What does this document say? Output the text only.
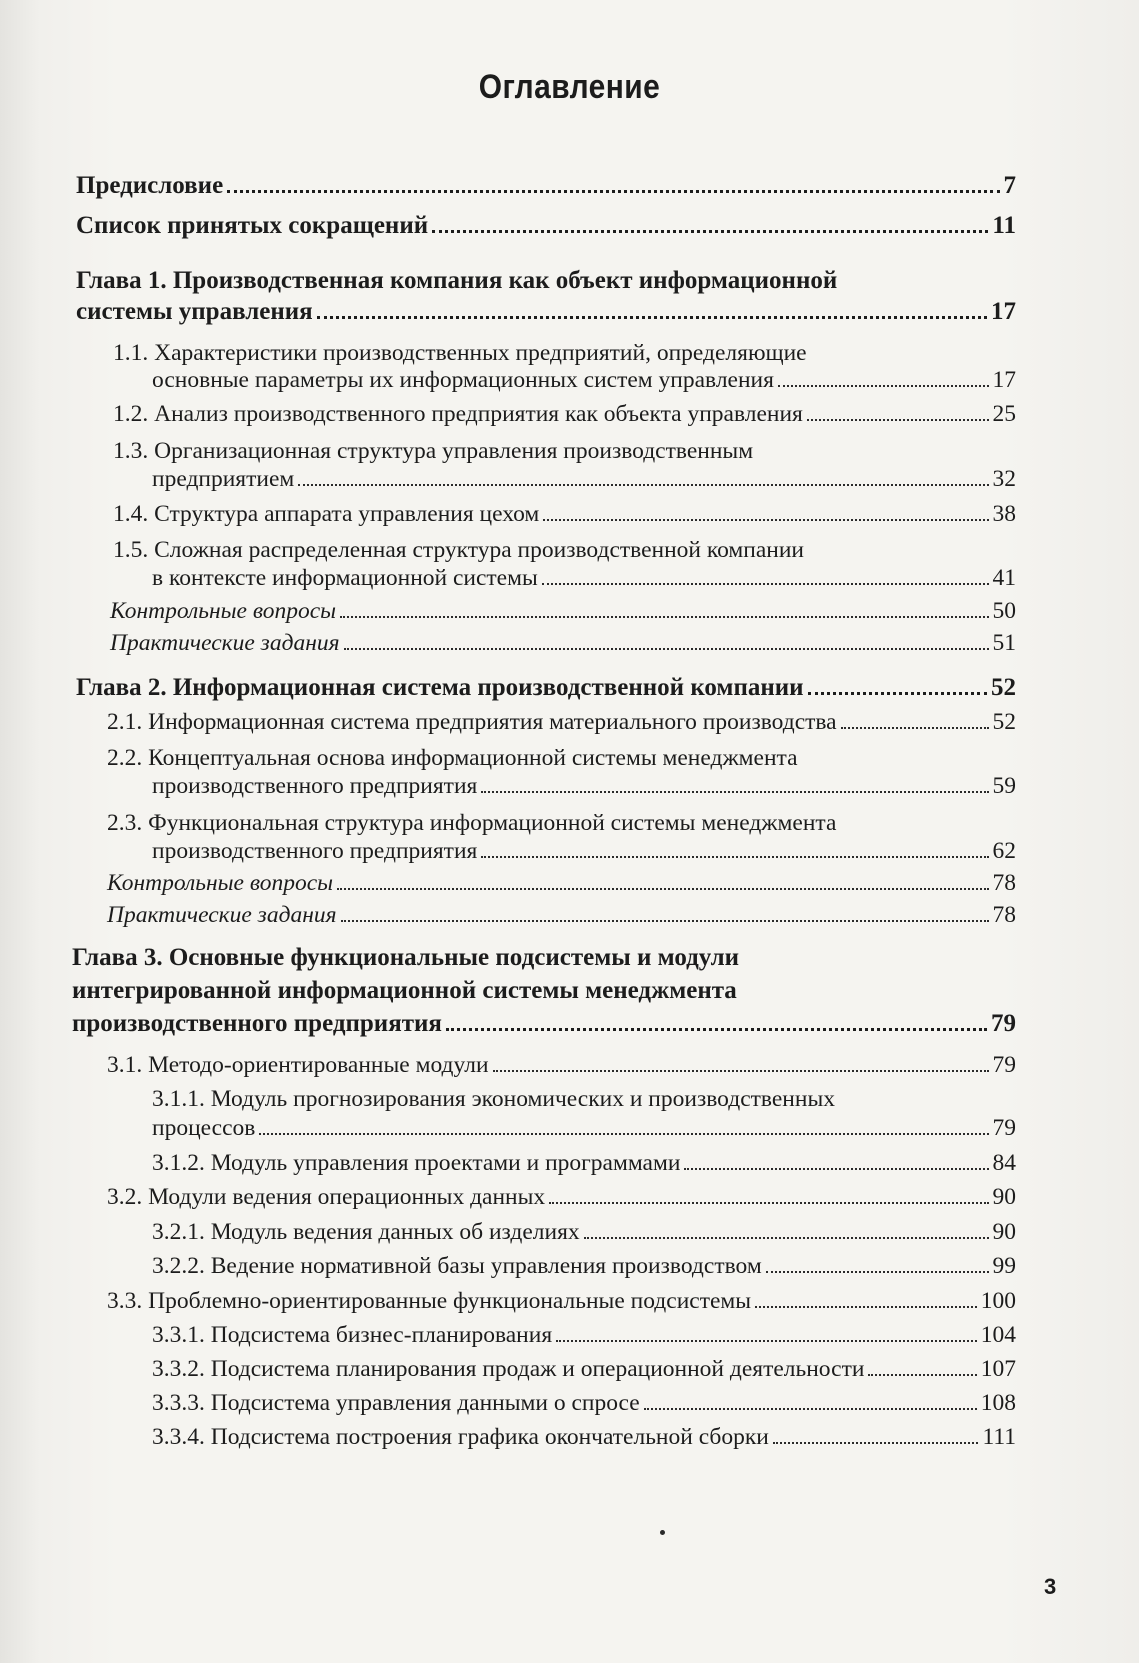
Оглавление
Предисловие	7
Список принятых сокращений	11
Глава 1. Производственная компания как объект информационной
системы управления	17
1.1. Характеристики производственных предприятий, определяющие
основные параметры их информационных систем управления	17
1.2. Анализ производственного предприятия как объекта управления	25
1.3. Организационная структура управления производственным
предприятием	32
1.4. Структура аппарата управления цехом	38
1.5. Сложная распределенная структура производственной компании
в контексте информационной системы	41
Контрольные вопросы	50
Практические задания	51
Глава 2. Информационная система производственной компании	52
2.1. Информационная система предприятия материального производства	52
2.2. Концептуальная основа информационной системы менеджмента
производственного предприятия	59
2.3. Функциональная структура информационной системы менеджмента
производственного предприятия	62
Контрольные вопросы	78
Практические задания	78
Глава 3. Основные функциональные подсистемы и модули
интегрированной информационной системы менеджмента
производственного предприятия	79
3.1. Методо-ориентированные модули	79
3.1.1. Модуль прогнозирования экономических и производственных
процессов	79
3.1.2. Модуль управления проектами и программами	84
3.2. Модули ведения операционных данных	90
3.2.1. Модуль ведения данных об изделиях	90
3.2.2. Ведение нормативной базы управления производством	99
3.3. Проблемно-ориентированные функциональные подсистемы	100
3.3.1. Подсистема бизнес-планирования	104
3.3.2. Подсистема планирования продаж и операционной деятельности	107
3.3.3. Подсистема управления данными о спросе	108
3.3.4. Подсистема построения графика окончательной сборки	111
3
